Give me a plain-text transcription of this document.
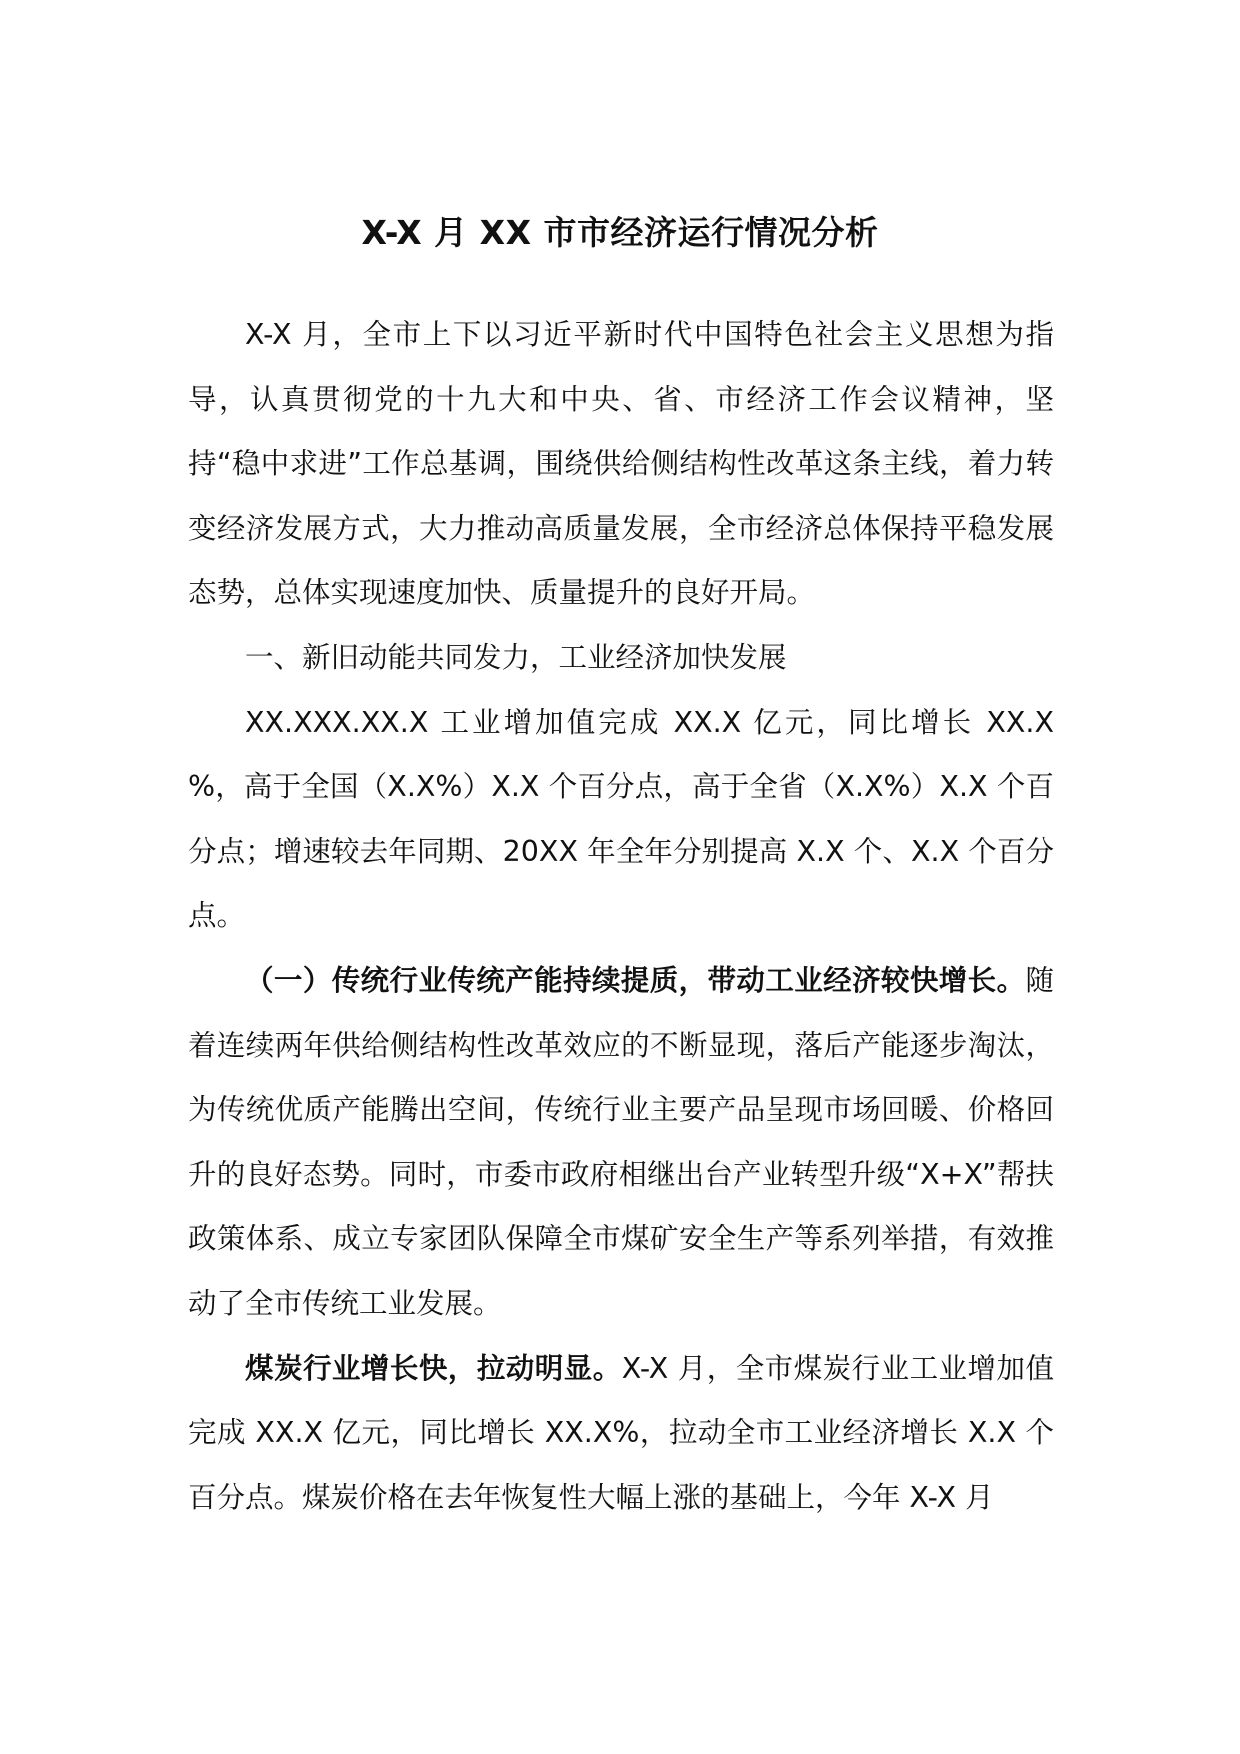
X-X 月 XX 市市经济运行情况分析

X-X 月，全市上下以习近平新时代中国特色社会主义思想为指导，认真贯彻党的十九大和中央、省、市经济工作会议精神，坚持“稳中求进”工作总基调，围绕供给侧结构性改革这条主线，着力转变经济发展方式，大力推动高质量发展，全市经济总体保持平稳发展态势，总体实现速度加快、质量提升的良好开局。

一、新旧动能共同发力，工业经济加快发展

XX.XXX.XX.X 工业增加值完成 XX.X 亿元，同比增长 XX.X %，高于全国（X.X%）X.X 个百分点，高于全省（X.X%）X.X 个百分点；增速较去年同期、20XX 年全年分别提高 X.X 个、X.X 个百分点。

（一）传统行业传统产能持续提质，带动工业经济较快增长。随着连续两年供给侧结构性改革效应的不断显现，落后产能逐步淘汰，为传统优质产能腾出空间，传统行业主要产品呈现市场回暖、价格回升的良好态势。同时，市委市政府相继出台产业转型升级“X+X”帮扶政策体系、成立专家团队保障全市煤矿安全生产等系列举措，有效推动了全市传统工业发展。

煤炭行业增长快，拉动明显。X-X 月，全市煤炭行业工业增加值完成 XX.X 亿元，同比增长 XX.X%，拉动全市工业经济增长 X.X 个百分点。煤炭价格在去年恢复性大幅上涨的基础上，今年 X-X 月
